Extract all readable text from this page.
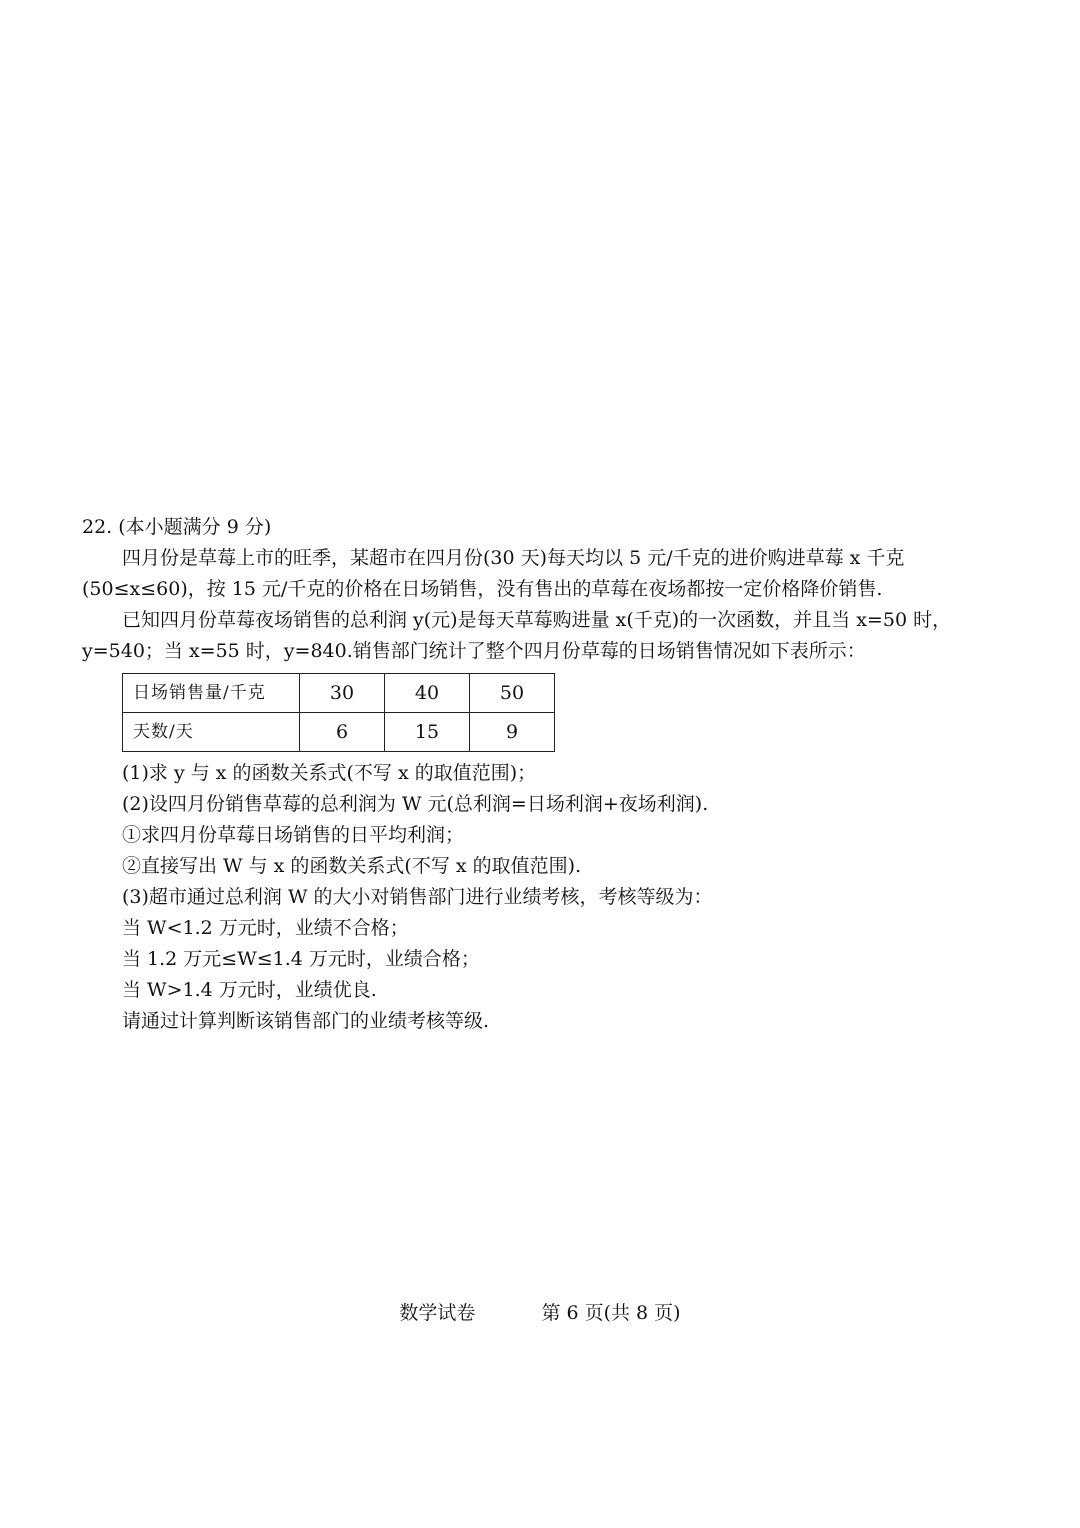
22. (本小题满分 9 分)
四月份是草莓上市的旺季，某超市在四月份(30 天)每天均以 5 元/千克的进价购进草莓 x 千克
(50≤x≤60)，按 15 元/千克的价格在日场销售，没有售出的草莓在夜场都按一定价格降价销售.
已知四月份草莓夜场销售的总利润 y(元)是每天草莓购进量 x(千克)的一次函数，并且当 x=50 时，
y=540；当 x=55 时，y=840.销售部门统计了整个四月份草莓的日场销售情况如下表所示：
日场销售量/千克	30	40	50
天数/天	6	15	9
(1)求 y 与 x 的函数关系式(不写 x 的取值范围)；
(2)设四月份销售草莓的总利润为 W 元(总利润=日场利润+夜场利润).
①求四月份草莓日场销售的日平均利润；
②直接写出 W 与 x 的函数关系式(不写 x 的取值范围).
(3)超市通过总利润 W 的大小对销售部门进行业绩考核，考核等级为：
当 W<1.2 万元时，业绩不合格；
当 1.2 万元≤W≤1.4 万元时，业绩合格；
当 W>1.4 万元时，业绩优良.
请通过计算判断该销售部门的业绩考核等级.
数学试卷	第 6 页(共 8 页)
